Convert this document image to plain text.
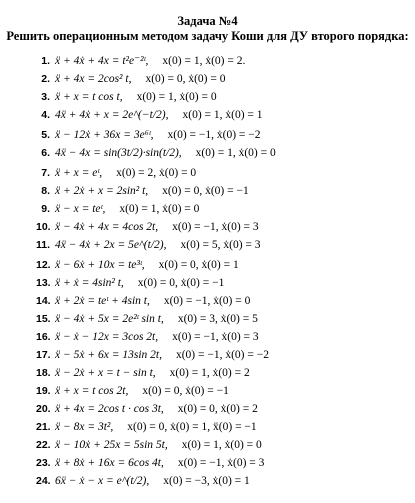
Задача №4
Решить операционным методом задачу Коши для ДУ второго порядка:
1. ẍ + 4ẋ + 4x = t²e⁻²ᵗ, x(0) = 1, ẋ(0) = 2.
2. ẍ + 4x = 2cos² t, x(0) = 0, ẋ(0) = 0
3. ẍ + x = t cos t, x(0) = 1, ẋ(0) = 0
4. 4ẍ + 4ẋ + x = 2e^(−t/2), x(0) = 1, ẋ(0) = 1
5. ẍ − 12ẋ + 36x = 3e⁶ᵗ, x(0) = −1, ẋ(0) = −2
6. 4ẍ − 4x = sin(3t/2)·sin(t/2), x(0) = 1, ẋ(0) = 0
7. ẍ + x = eᵗ, x(0) = 2, ẋ(0) = 0
8. ẍ + 2ẋ + x = 2sin² t, x(0) = 0, ẋ(0) = −1
9. ẍ − x = teᵗ, x(0) = 1, ẋ(0) = 0
10. ẍ − 4ẋ + 4x = 4cos 2t, x(0) = −1, ẋ(0) = 3
11. 4ẍ − 4ẋ + 2x = 5e^(t/2), x(0) = 5, ẋ(0) = 3
12. ẍ − 6ẋ + 10x = te³ᵗ, x(0) = 0, ẋ(0) = 1
13. ẍ + ẋ = 4sin² t, x(0) = 0, ẋ(0) = −1
14. ẍ + 2ẋ = teᵗ + 4sin t, x(0) = −1, ẋ(0) = 0
15. ẍ − 4ẋ + 5x = 2e²ᵗ sin t, x(0) = 3, ẋ(0) = 5
16. ẍ − ẋ − 12x = 3cos 2t, x(0) = −1, ẋ(0) = 3
17. ẍ − 5ẋ + 6x = 13sin 2t, x(0) = −1, ẋ(0) = −2
18. ẍ − 2ẋ + x = t − sin t, x(0) = 1, ẋ(0) = 2
19. ẍ + x = t cos 2t, x(0) = 0, ẋ(0) = −1
20. ẍ + 4x = 2cos t · cos 3t, x(0) = 0, ẋ(0) = 2
21. ẍ − 8x = 3t², x(0) = 0, ẋ(0) = 1, ẍ(0) = −1
22. ẍ − 10ẋ + 25x = 5sin 5t, x(0) = 1, ẋ(0) = 0
23. ẍ + 8ẋ + 16x = 6cos 4t, x(0) = −1, ẋ(0) = 3
24. 6ẍ − ẋ − x = e^(t/2), x(0) = −3, ẋ(0) = 1
